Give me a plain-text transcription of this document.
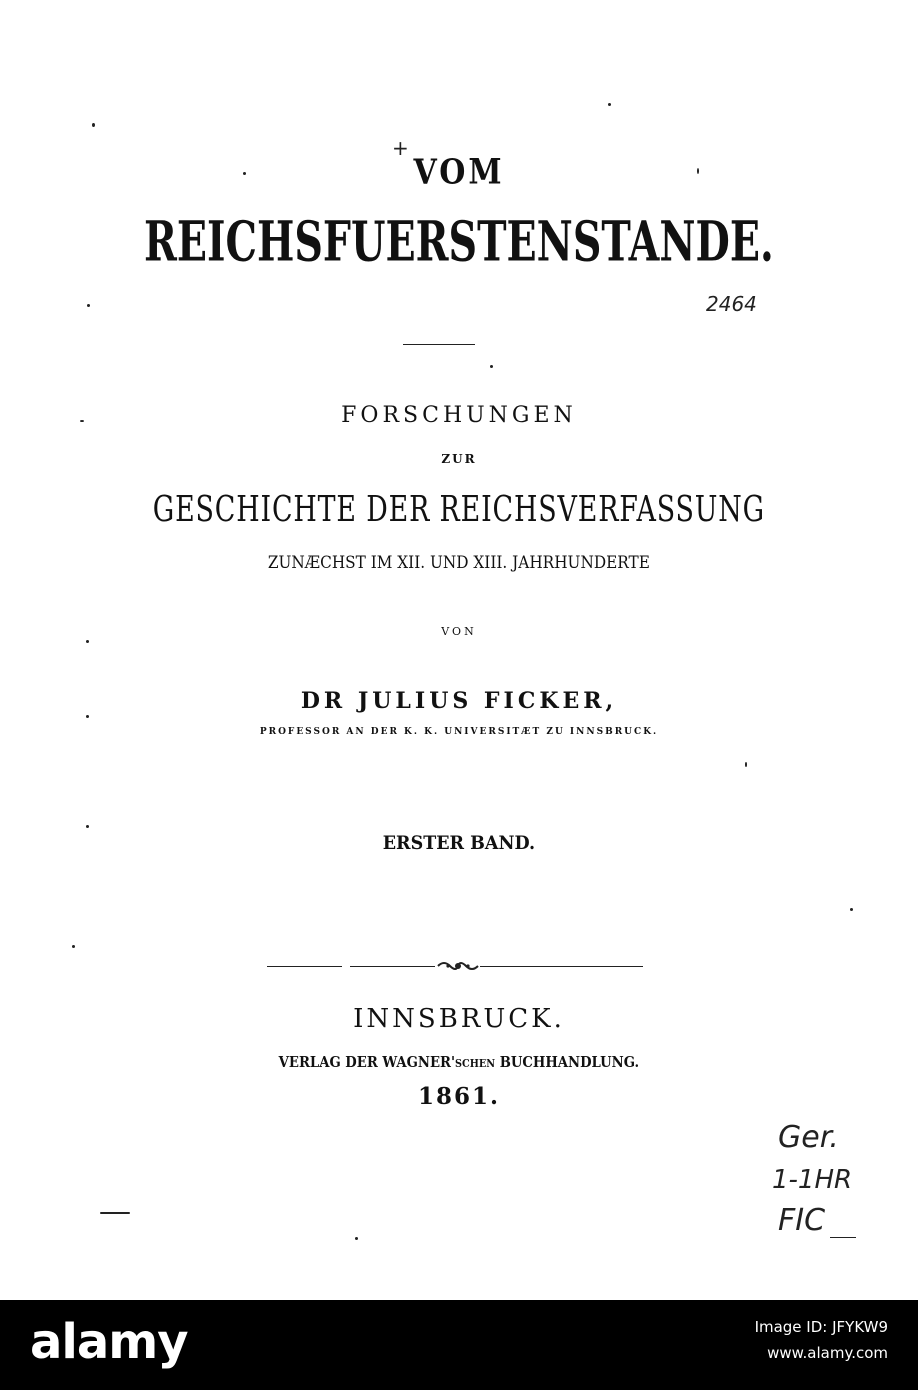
VOM
REICHSFUERSTENSTANDE.
FORSCHUNGEN
ZUR
GESCHICHTE DER REICHSVERFASSUNG
ZUNÆCHST IM XII. UND XIII. JAHRHUNDERTE
VON
DR JULIUS FICKER,
PROFESSOR AN DER K. K. UNIVERSITÆT ZU INNSBRUCK.
ERSTER BAND.
INNSBRUCK.
VERLAG DER WAGNER'SCHEN BUCHHANDLUNG.
1861.
+
2464
Ger.
1-1HR
FIC
alamy	Image ID: JFYKW9
www.alamy.com
